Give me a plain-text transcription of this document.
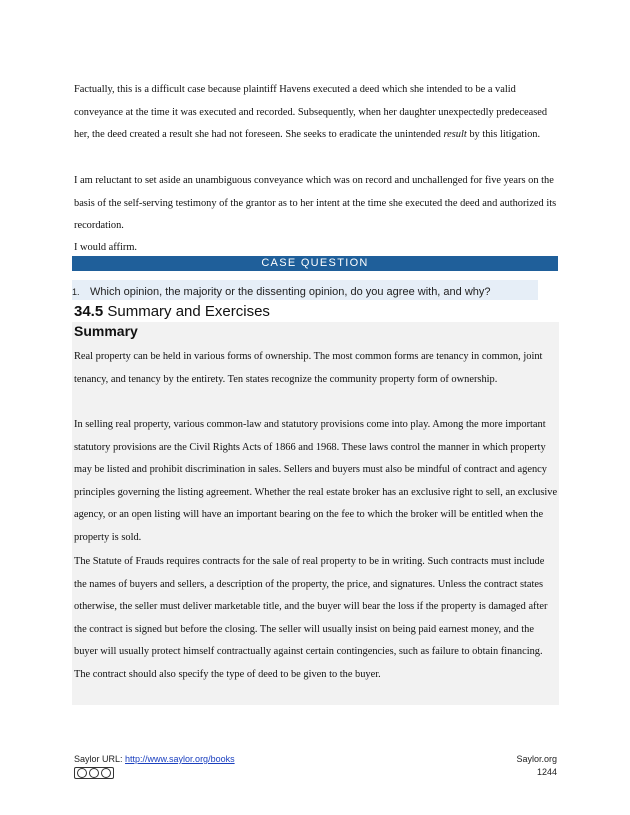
Factually, this is a difficult case because plaintiff Havens executed a deed which she intended to be a valid conveyance at the time it was executed and recorded. Subsequently, when her daughter unexpectedly predeceased her, the deed created a result she had not foreseen. She seeks to eradicate the unintended result by this litigation.

I am reluctant to set aside an unambiguous conveyance which was on record and unchallenged for five years on the basis of the self-serving testimony of the grantor as to her intent at the time she executed the deed and authorized its recordation.

I would affirm.

CASE QUESTION
1. Which opinion, the majority or the dissenting opinion, do you agree with, and why?
34.5 Summary and Exercises
Summary

Real property can be held in various forms of ownership. The most common forms are tenancy in common, joint tenancy, and tenancy by the entirety. Ten states recognize the community property form of ownership.

In selling real property, various common-law and statutory provisions come into play. Among the more important statutory provisions are the Civil Rights Acts of 1866 and 1968. These laws control the manner in which property may be listed and prohibit discrimination in sales. Sellers and buyers must also be mindful of contract and agency principles governing the listing agreement. Whether the real estate broker has an exclusive right to sell, an exclusive agency, or an open listing will have an important bearing on the fee to which the broker will be entitled when the property is sold.

The Statute of Frauds requires contracts for the sale of real property to be in writing. Such contracts must include the names of buyers and sellers, a description of the property, the price, and signatures. Unless the contract states otherwise, the seller must deliver marketable title, and the buyer will bear the loss if the property is damaged after the contract is signed but before the closing. The seller will usually insist on being paid earnest money, and the buyer will usually protect himself contractually against certain contingencies, such as failure to obtain financing. The contract should also specify the type of deed to be given to the buyer.

Saylor URL: http://www.saylor.org/books	Saylor.org
1244
